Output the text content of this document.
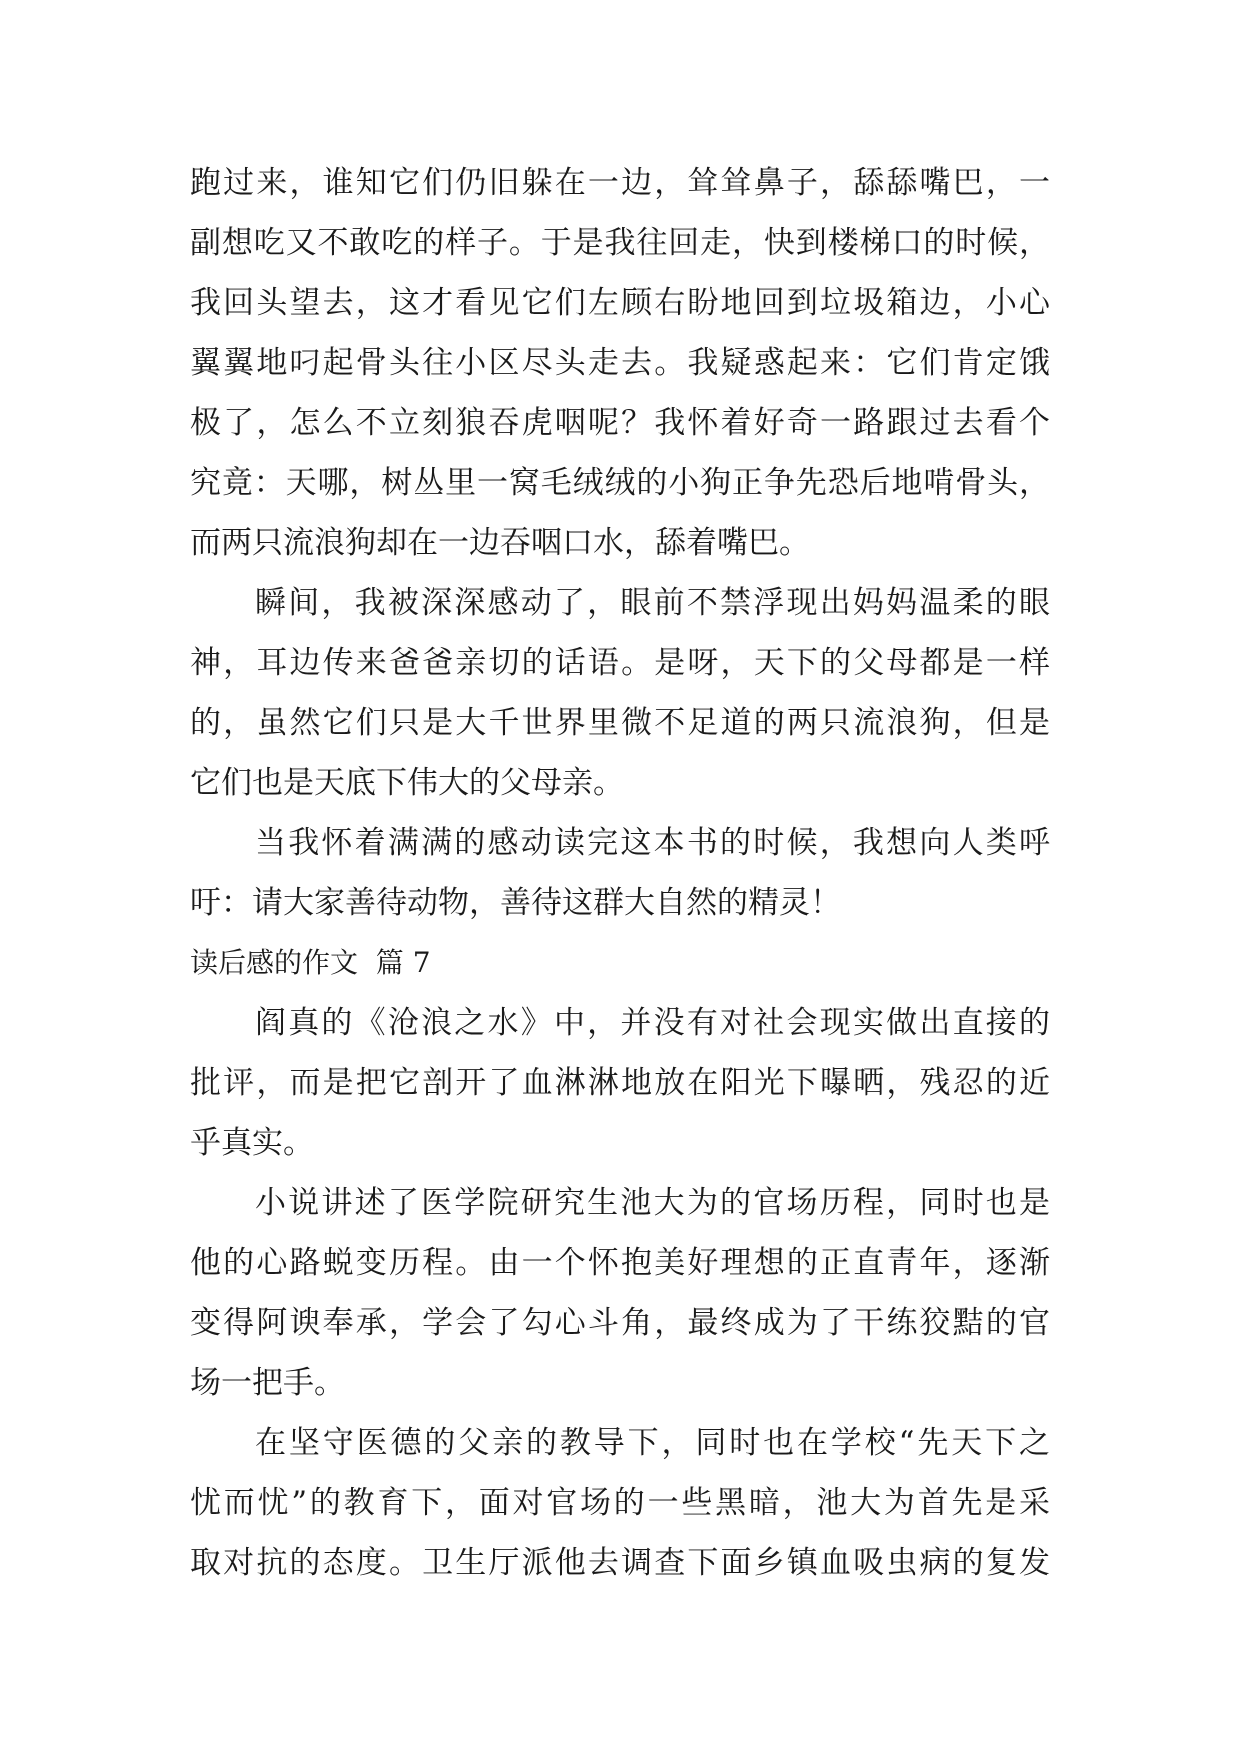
跑过来，谁知它们仍旧躲在一边，耸耸鼻子，舔舔嘴巴，一
副想吃又不敢吃的样子。于是我往回走，快到楼梯口的时候，
我回头望去，这才看见它们左顾右盼地回到垃圾箱边，小心
翼翼地叼起骨头往小区尽头走去。我疑惑起来：它们肯定饿
极了，怎么不立刻狼吞虎咽呢？我怀着好奇一路跟过去看个
究竟：天哪，树丛里一窝毛绒绒的小狗正争先恐后地啃骨头，
而两只流浪狗却在一边吞咽口水，舔着嘴巴。
瞬间，我被深深感动了，眼前不禁浮现出妈妈温柔的眼
神，耳边传来爸爸亲切的话语。是呀，天下的父母都是一样
的，虽然它们只是大千世界里微不足道的两只流浪狗，但是
它们也是天底下伟大的父母亲。
当我怀着满满的感动读完这本书的时候，我想向人类呼
吁：请大家善待动物，善待这群大自然的精灵！
读后感的作文  篇 7
阎真的《沧浪之水》中，并没有对社会现实做出直接的
批评，而是把它剖开了血淋淋地放在阳光下曝晒，残忍的近
乎真实。
小说讲述了医学院研究生池大为的官场历程，同时也是
他的心路蜕变历程。由一个怀抱美好理想的正直青年，逐渐
变得阿谀奉承，学会了勾心斗角，最终成为了干练狡黠的官
场一把手。
在坚守医德的父亲的教导下，同时也在学校“先天下之
忧而忧”的教育下，面对官场的一些黑暗，池大为首先是采
取对抗的态度。卫生厅派他去调查下面乡镇血吸虫病的复发
